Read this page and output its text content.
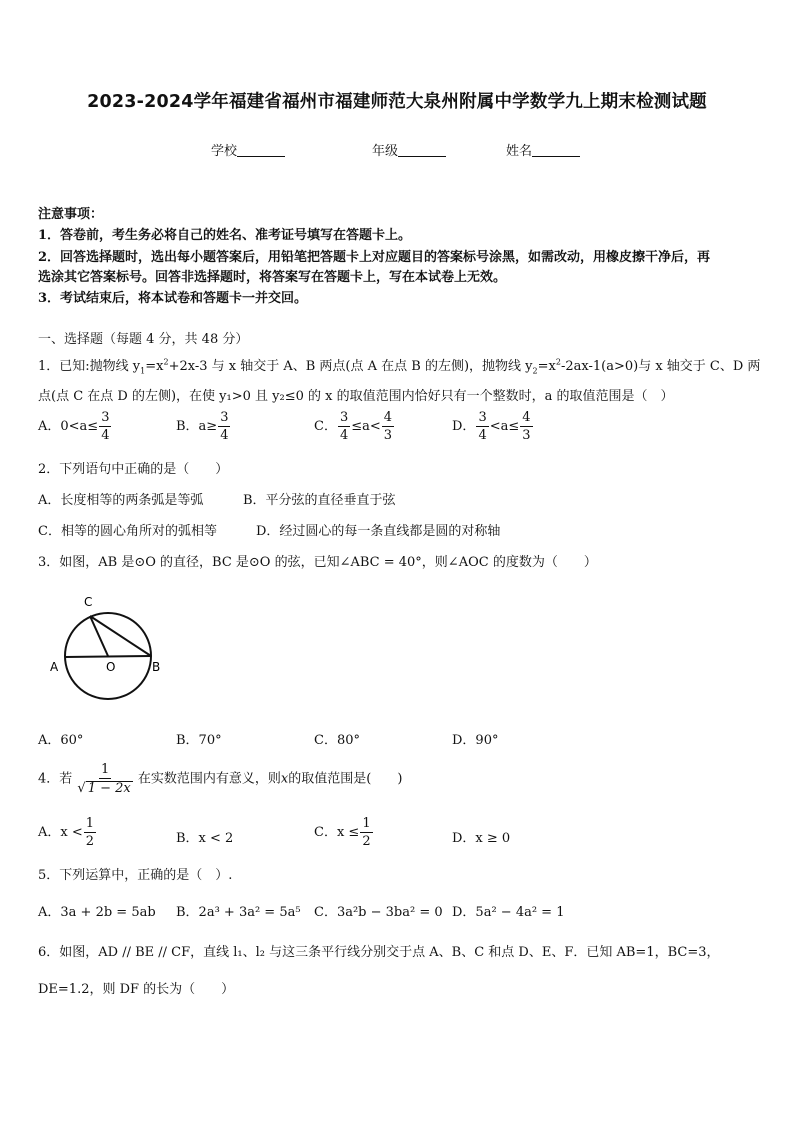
2023-2024学年福建省福州市福建师范大泉州附属中学数学九上期末检测试题
学校	年级	姓名
注意事项：
1．答卷前，考生务必将自己的姓名、准考证号填写在答题卡上。
2．回答选择题时，选出每小题答案后，用铅笔把答题卡上对应题目的答案标号涂黑，如需改动，用橡皮擦干净后，再
选涂其它答案标号。回答非选择题时，将答案写在答题卡上，写在本试卷上无效。
3．考试结束后，将本试卷和答题卡一并交回。
一、选择题（每题 4 分，共 48 分）
1．已知:抛物线 $y_1=x^2+2x-3$ 与 x 轴交于 A、B 两点(点 A 在点 B 的左侧)，抛物线 $y_2=x^2-2ax-1(a>0)$与 x 轴交于 C、D 两
点(点 C 在点 D 的左侧)，在使 y₁>0 且 y₂≤0 的 x 的取值范围内恰好只有一个整数时，a 的取值范围是（　）
A．$0<a\le \frac{3}{4}$	B．$a\ge \frac{3}{4}$	C． $\frac{3}{4} \le a< \frac{4}{3}$	D． $\frac{3}{4} <a\le \frac{4}{3}$
2．下列语句中正确的是（　　）
A．长度相等的两条弧是等弧	B．平分弦的直径垂直于弦
C．相等的圆心角所对的弧相等	D．经过圆心的每一条直线都是圆的对称轴
3．如图，AB 是⊙O 的直径，BC 是⊙O 的弦，已知∠ABC = 40°，则∠AOC 的度数为（　　）
C
A	O	B
A．60°	B．70°	C．80°	D．90°
4．若 $\frac{1}{√ 1 - 2x}$ 在实数范围内有意义，则x的取值范围是(　　)
A．$x < \frac{1}{2}$	B．x < 2	C．$x \le \frac{1}{2}$	D．x ≥ 0
5．下列运算中，正确的是（　）.
A．3a + 2b = 5ab B．2a³ + 3a² = 5a⁵ C．3a²b − 3ba² = 0 D．5a² − 4a² = 1
6．如图，AD // BE // CF，直线 l₁、l₂ 与这三条平行线分别交于点 A、B、C 和点 D、E、F．已知 AB=1，BC=3，
DE=1.2，则 DF 的长为（　　）
